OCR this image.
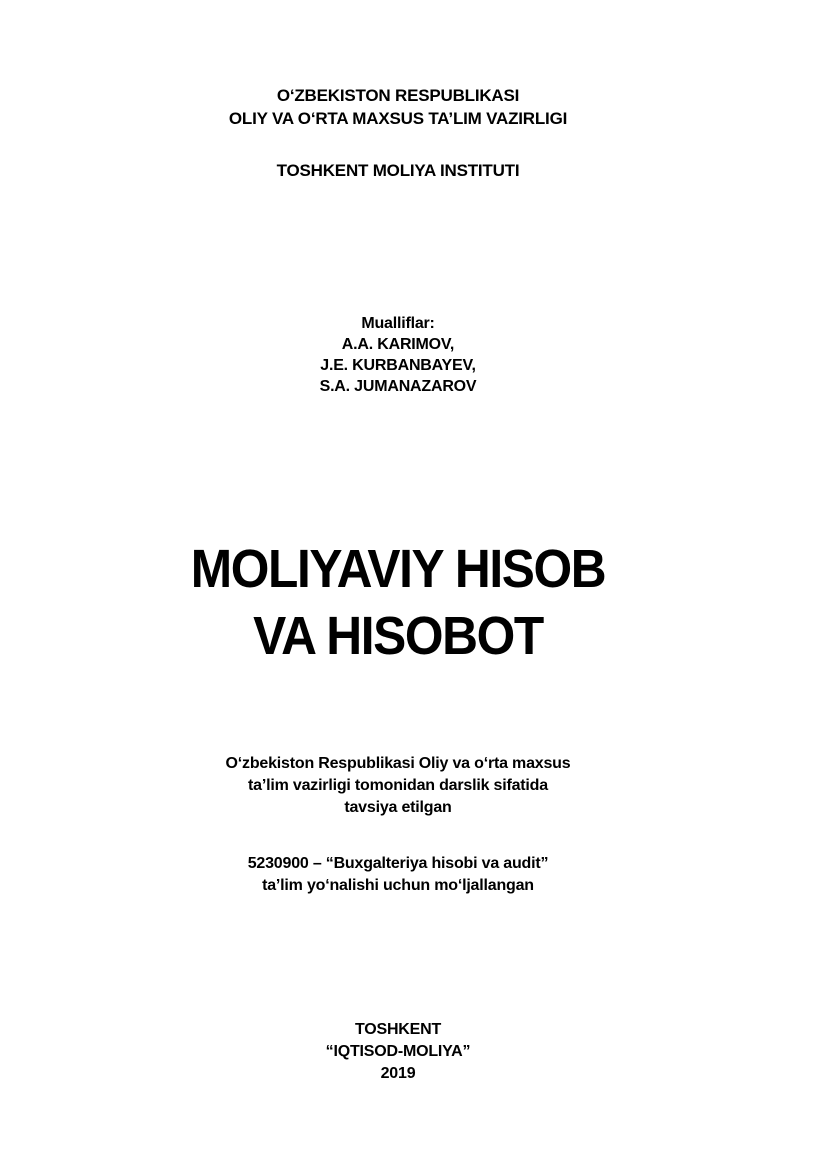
O‘ZBEKISTON RESPUBLIKASI
OLIY VA O‘RTA MAXSUS TA’LIM VAZIRLIGI
TOSHKENT MOLIYA INSTITUTI
Mualliflar:
A.A. KARIMOV,
J.E. KURBANBAYEV,
S.A. JUMANAZAROV
MOLIYAVIY HISOB
VA HISOBOT
O‘zbekiston Respublikasi Oliy va o‘rta maxsus
ta’lim vazirligi tomonidan darslik sifatida
tavsiya etilgan
5230900 – “Buxgalteriya hisobi va audit”
ta’lim yo‘nalishi uchun mo‘ljallangan
TOSHKENT
“IQTISOD-MOLIYA”
2019
